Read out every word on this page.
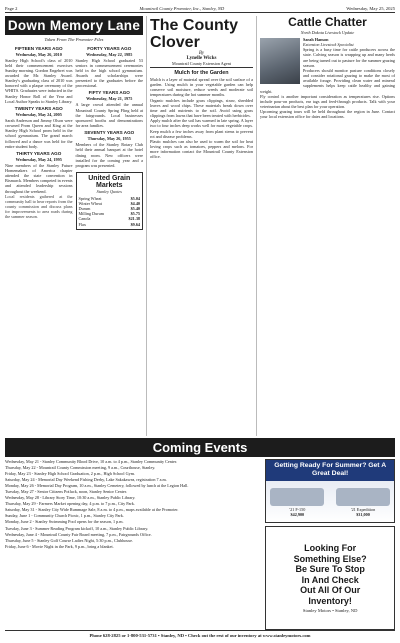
Page 2	Mountrail County Promoter, Inc., Stanley, ND	Wednesday, May 25, 2025
Down Memory Lane
Taken From The Promoter Files
FIFTEEN YEARS AGO
Wednesday, May 26, 2010
Stanley High School's class of 2010 held their commencement exercises Sunday morning. Gordon Engebret was awarded the Mr. Stanley Award. Stanley's graduating class of 2010 was honored with a plaque ceremony of the WHITS. Graduates were inducted in the Stanley Honor Roll of the Year and Local Author Speaks to Stanley Library.
TWENTY YEARS AGO
Wednesday, May 24, 2005
Sarah Anderson and Jimmy Olson were crowned Prom Queen and King at the Stanley High School prom held in the school gymnasium. The grand march followed and a dance was held for the entire student body.
THIRTY YEARS AGO
Wednesday, May 24, 1995
Nine members of the Stanley Future Homemakers of America chapter attended the state convention in Bismarck. Members competed in events and attended leadership sessions throughout the weekend.
Local residents gathered at the community hall to hear reports from the county commission and discuss plans for improvements to area roads during the summer season.
FORTY YEARS AGO
Wednesday, May 22, 1985
Stanley High School graduated 53 seniors in commencement ceremonies held in the high school gymnasium. Awards and scholarships were presented to the graduates before the processional.
FIFTY YEARS AGO
Wednesday, May 21, 1975
A large crowd attended the annual Mountrail County Spring Fling held at the fairgrounds. Local businesses sponsored booths and demonstrations for area families.
SEVENTY YEARS AGO
Thursday, May 26, 1955
Members of the Stanley Rotary Club held their annual banquet at the hotel dining room. New officers were installed for the coming year and a program was presented.
United Grain Markets
Stanley Quotes
Spring Wheat	$5.04
Winter Wheat	$4.40
Durum	$5.40
Milling Durum	$5.75
Canola	$21.38
Flax	$9.64
The County Clover
By
Lynelle Wicks
Mountrail County Extension Agent
Mulch for the Garden

Mulch is a layer of material spread over the soil surface of a garden. Using mulch in your vegetable garden can help conserve soil moisture, reduce weeds and moderate soil temperatures during the hot summer months.

Organic mulches include grass clippings, straw, shredded leaves and wood chips. These materials break down over time and add nutrients to the soil. Avoid using grass clippings from lawns that have been treated with herbicides.

Apply mulch after the soil has warmed in late spring. A layer two to four inches deep works well for most vegetable crops. Keep mulch a few inches away from plant stems to prevent rot and disease problems.

Plastic mulches can also be used to warm the soil for heat loving crops such as tomatoes, peppers and melons. For more information contact the Mountrail County Extension office.

Cattle Chatter
North Dakota Livestock Update

Sarah Hanson

Extension Livestock Specialist

Spring is a busy time for cattle producers across the state. Calving season is wrapping up and many herds are being turned out to pasture for the summer grazing season.

Producers should monitor pasture conditions closely and consider rotational grazing to make the most of available forage. Providing clean water and mineral supplements helps keep cattle healthy and gaining weight.

Fly control is another important consideration as temperatures rise. Options include pour-on products, ear tags and feed-through products. Talk with your veterinarian about the best plan for your operation.

Upcoming grazing tours will be held throughout the region in June. Contact your local extension office for dates and locations.

Coming Events

Wednesday, May 21 - Stanley Community Blood Drive, 10 a.m. to 4 p.m., Stanley Community Center.

Thursday, May 22 - Mountrail County Commission meeting, 9 a.m., Courthouse, Stanley.

Friday, May 23 - Stanley High School Graduation, 2 p.m., High School Gym.

Saturday, May 24 - Memorial Day Weekend Fishing Derby, Lake Sakakawea, registration 7 a.m.

Monday, May 26 - Memorial Day Program, 10 a.m., Stanley Cemetery, followed by lunch at the Legion Hall.

Tuesday, May 27 - Senior Citizens Potluck, noon, Stanley Senior Center.

Wednesday, May 28 - Library Story Time, 10:30 a.m., Stanley Public Library.

Thursday, May 29 - Farmers Market opening day, 4 p.m. to 7 p.m., City Park.

Saturday, May 31 - Stanley City Wide Rummage Sale, 8 a.m. to 4 p.m., maps available at the Promoter.

Sunday, June 1 - Community Church Picnic, 1 p.m., Stanley City Park.

Monday, June 2 - Stanley Swimming Pool opens for the season, 1 p.m.

Tuesday, June 3 - Summer Reading Program kickoff, 10 a.m., Stanley Public Library.

Wednesday, June 4 - Mountrail County Fair Board meeting, 7 p.m., Fairgrounds Office.

Thursday, June 5 - Stanley Golf Course Ladies Night, 5:30 p.m., Clubhouse.

Friday, June 6 - Movie Night in the Park, 9 p.m., bring a blanket.

Getting Ready For Summer? Get A Great Deal!
'21 F-150
$42,900
'21 Expedition
$31,000
Looking For
Something Else?
Be Sure To Stop
In And Check
Out All Of Our
Inventory!
Stanley Motors • Stanley, ND
Phone 628-2825 or 1-800-531-5731 • Stanley, ND • Check out the rest of our inventory at www.stanleymotors.com
